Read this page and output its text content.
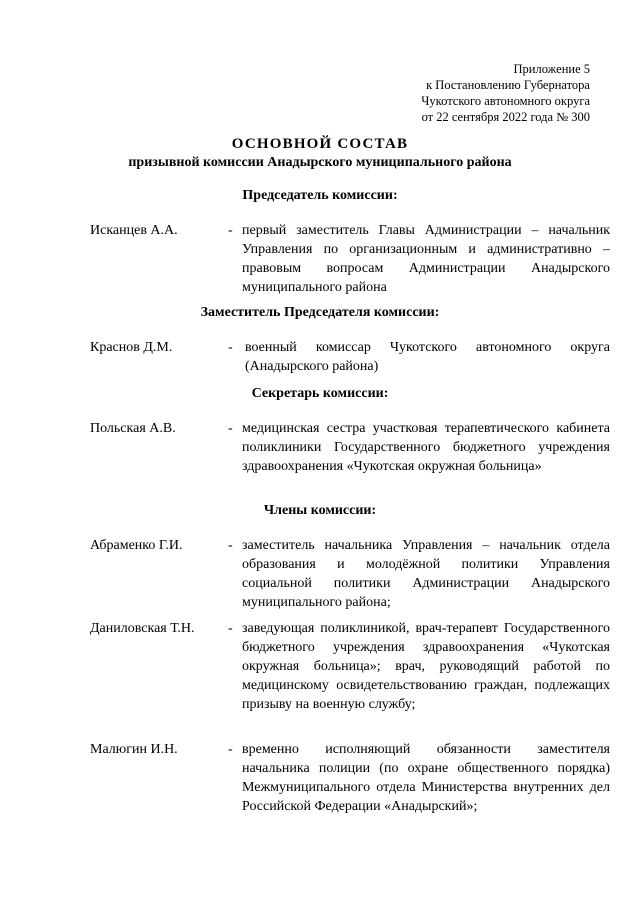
Приложение 5
к Постановлению Губернатора
Чукотского автономного округа
от 22 сентября 2022 года № 300
ОСНОВНОЙ СОСТАВ
призывной комиссии Анадырского муниципального района
Председатель комиссии:
Исканцев А.А.	- первый заместитель Главы Администрации – начальник Управления по организационным и административно – правовым вопросам Администрации Анадырского муниципального района
Заместитель Председателя комиссии:
Краснов Д.М.	- военный комиссар Чукотского автономного округа (Анадырского района)
Секретарь комиссии:
Польская А.В.	- медицинская сестра участковая терапевтического кабинета поликлиники Государственного бюджетного учреждения здравоохранения «Чукотская окружная больница»
Члены комиссии:
Абраменко Г.И.	- заместитель начальника Управления – начальник отдела образования и молодёжной политики Управления социальной политики Администрации Анадырского муниципального района;
Даниловская Т.Н.	- заведующая поликлиникой, врач-терапевт Государственного бюджетного учреждения здравоохранения «Чукотская окружная больница»; врач, руководящий работой по медицинскому освидетельствованию граждан, подлежащих призыву на военную службу;
Малюгин И.Н.	- временно исполняющий обязанности заместителя начальника полиции (по охране общественного порядка) Межмуниципального отдела Министерства внутренних дел Российской Федерации «Анадырский»;
